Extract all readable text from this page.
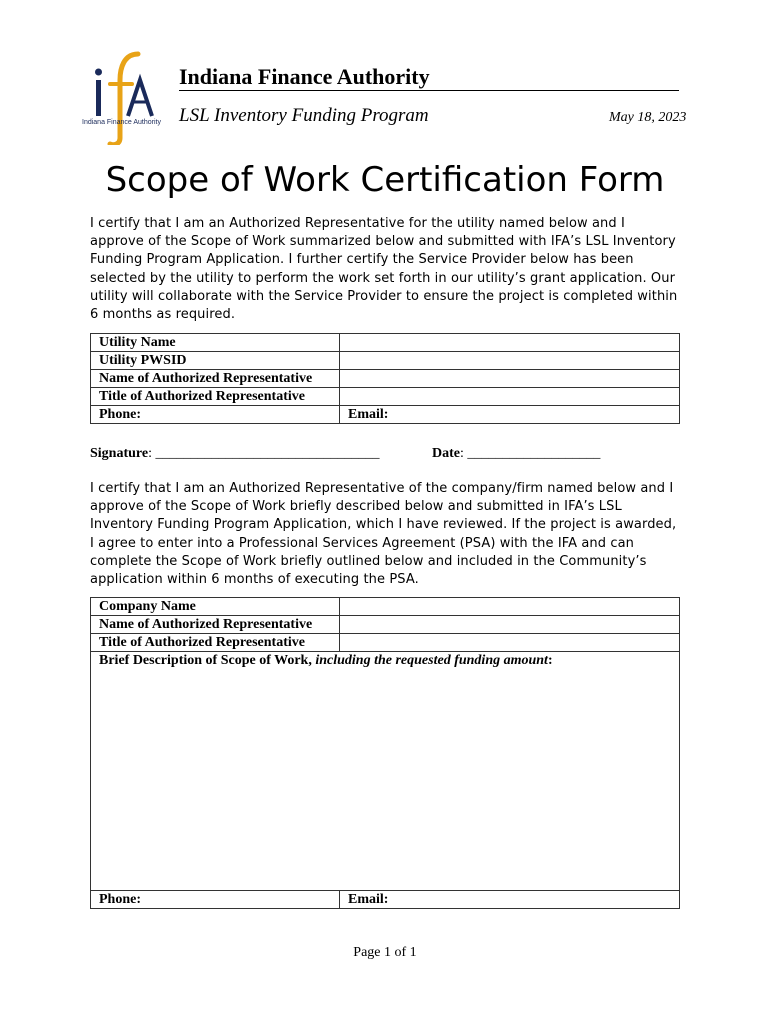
Indiana Finance Authority
Indiana Finance Authority
LSL Inventory Funding Program	May 18, 2023
Scope of Work Certification Form
I certify that I am an Authorized Representative for the utility named below and I approve of the Scope of Work summarized below and submitted with IFA’s LSL Inventory Funding Program Application. I further certify the Service Provider below has been selected by the utility to perform the work set forth in our utility’s grant application. Our utility will collaborate with the Service Provider to ensure the project is completed within 6 months as required.
Utility Name	
Utility PWSID	
Name of Authorized Representative	
Title of Authorized Representative	
Phone:	Email:
Signature: ________________________________	Date: ___________________
I certify that I am an Authorized Representative of the company/firm named below and I approve of the Scope of Work briefly described below and submitted in IFA’s LSL Inventory Funding Program Application, which I have reviewed. If the project is awarded, I agree to enter into a Professional Services Agreement (PSA) with the IFA and can complete the Scope of Work briefly outlined below and included in the Community’s application within 6 months of executing the PSA.
Company Name	
Name of Authorized Representative	
Title of Authorized Representative	
Brief Description of Scope of Work, including the requested funding amount:	
Phone:	Email:
Page 1 of 1
